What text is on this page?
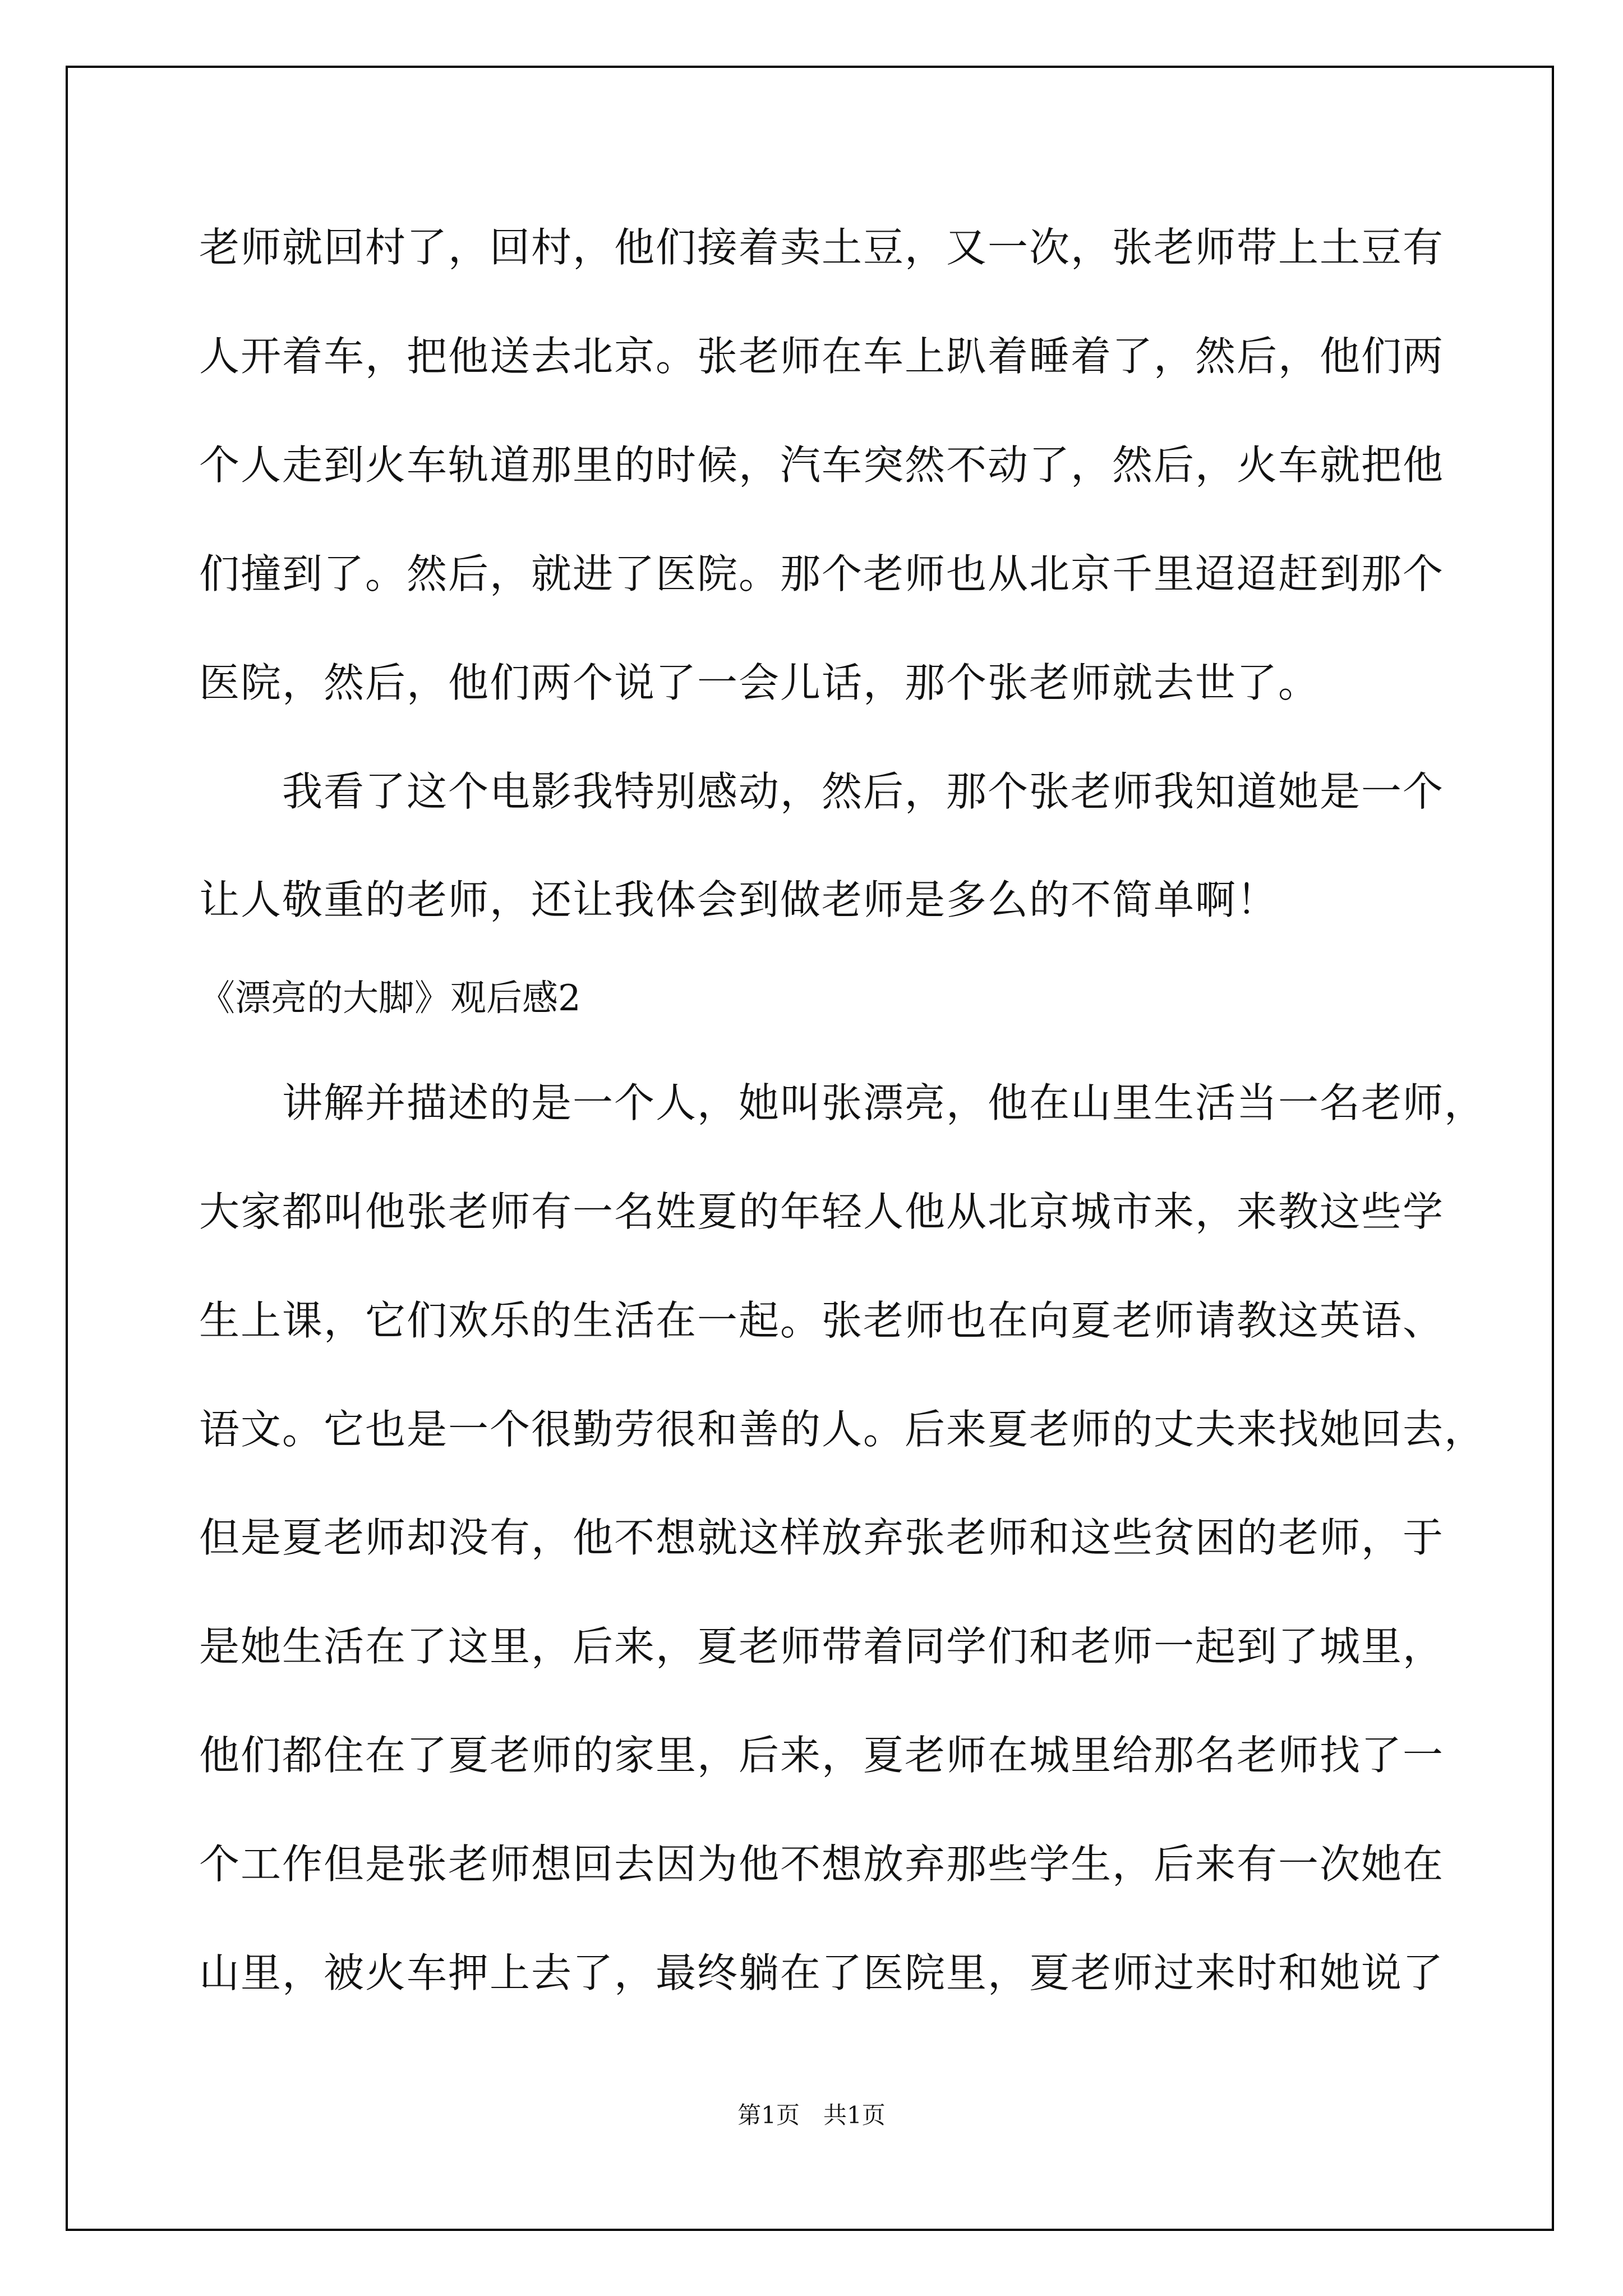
老师就回村了，回村，他们接着卖土豆，又一次，张老师带上土豆有
人开着车，把他送去北京。张老师在车上趴着睡着了，然后，他们两
个人走到火车轨道那里的时候，汽车突然不动了，然后，火车就把他
们撞到了。然后，就进了医院。那个老师也从北京千里迢迢赶到那个
医院，然后，他们两个说了一会儿话，那个张老师就去世了。
　　我看了这个电影我特别感动，然后，那个张老师我知道她是一个
让人敬重的老师，还让我体会到做老师是多么的不简单啊！
《漂亮的大脚》观后感2
　　讲解并描述的是一个人，她叫张漂亮，他在山里生活当一名老师，
大家都叫他张老师有一名姓夏的年轻人他从北京城市来，来教这些学
生上课，它们欢乐的生活在一起。张老师也在向夏老师请教这英语、
语文。它也是一个很勤劳很和善的人。后来夏老师的丈夫来找她回去，
但是夏老师却没有，他不想就这样放弃张老师和这些贫困的老师，于
是她生活在了这里，后来，夏老师带着同学们和老师一起到了城里，
他们都住在了夏老师的家里，后来，夏老师在城里给那名老师找了一
个工作但是张老师想回去因为他不想放弃那些学生，后来有一次她在
山里，被火车押上去了，最终躺在了医院里，夏老师过来时和她说了
第1页　共1页
